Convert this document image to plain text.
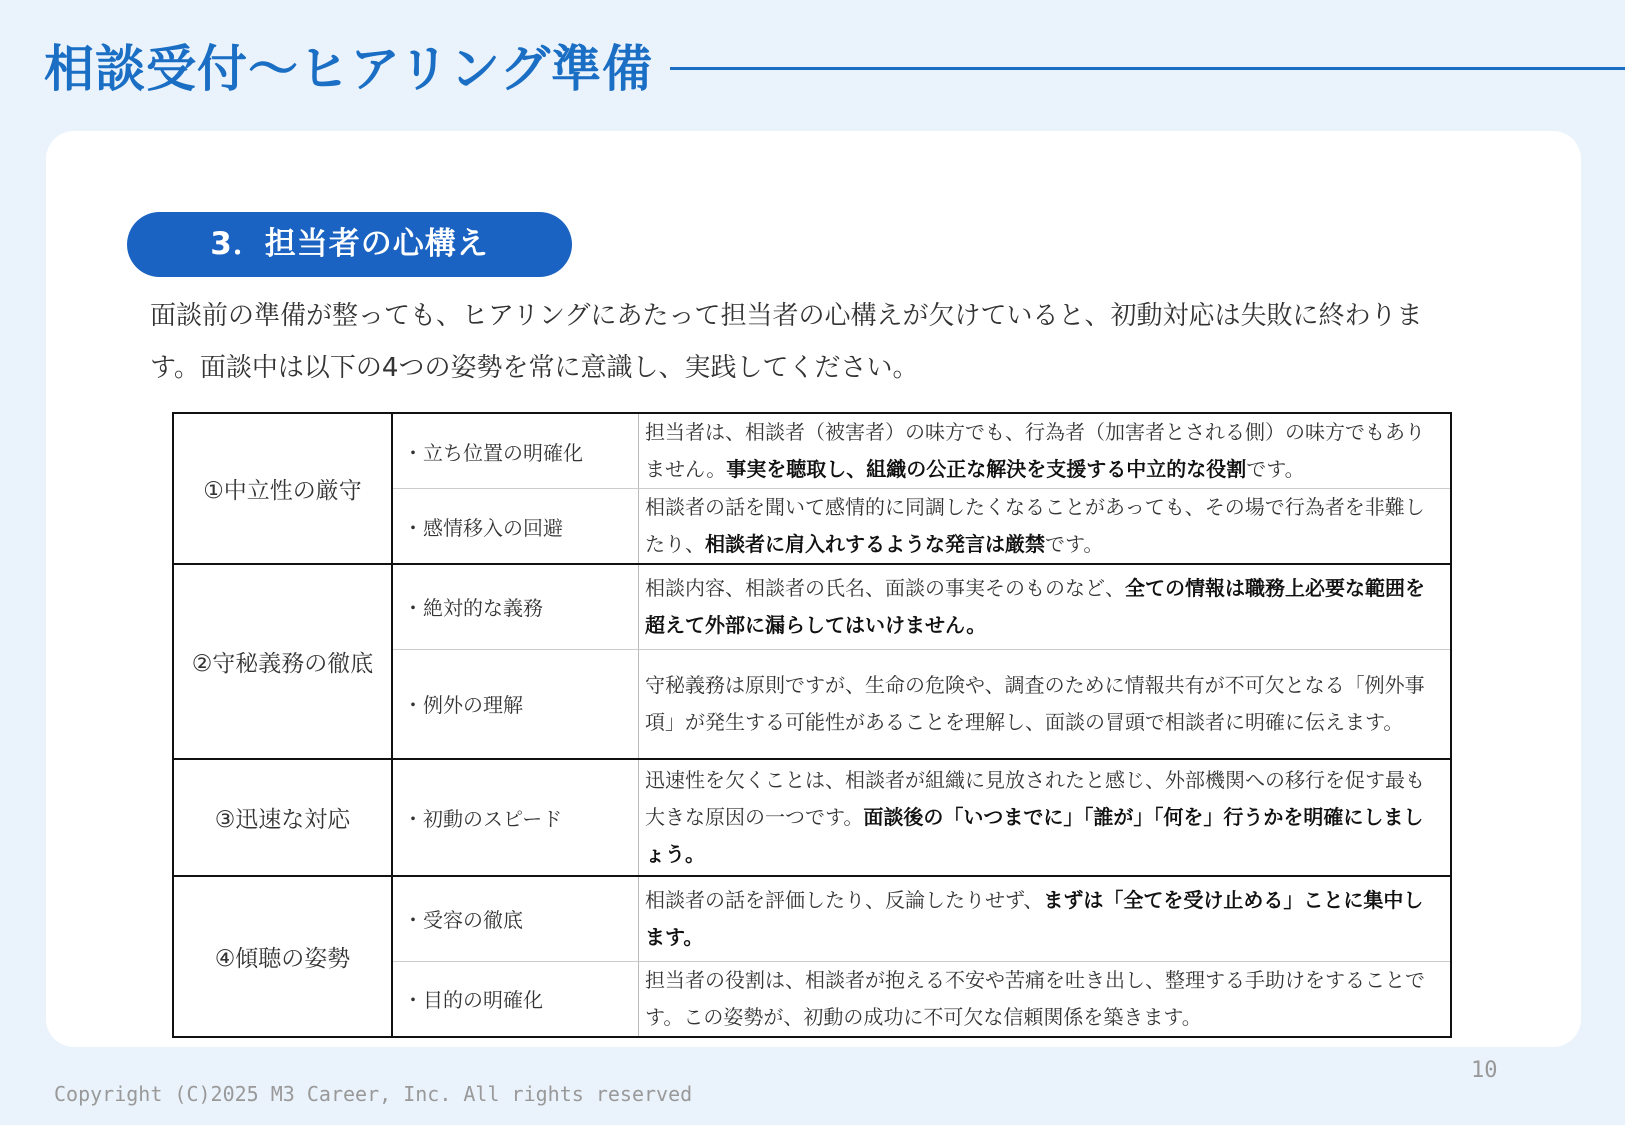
相談受付〜ヒアリング準備
3．担当者の心構え
面談前の準備が整っても、ヒアリングにあたって担当者の心構えが欠けていると、初動対応は失敗に終わります。面談中は以下の4つの姿勢を常に意識し、実践してください。
①中立性の厳守	・立ち位置の明確化	担当者は、相談者（被害者）の味方でも、行為者（加害者とされる側）の味方でもありません。事実を聴取し、組織の公正な解決を支援する中立的な役割です。
	・感情移入の回避	相談者の話を聞いて感情的に同調したくなることがあっても、その場で行為者を非難したり、相談者に肩入れするような発言は厳禁です。
②守秘義務の徹底	・絶対的な義務	相談内容、相談者の氏名、面談の事実そのものなど、全ての情報は職務上必要な範囲を超えて外部に漏らしてはいけません。
	・例外の理解	守秘義務は原則ですが、生命の危険や、調査のために情報共有が不可欠となる「例外事項」が発生する可能性があることを理解し、面談の冒頭で相談者に明確に伝えます。
③迅速な対応	・初動のスピード	迅速性を欠くことは、相談者が組織に見放されたと感じ、外部機関への移行を促す最も大きな原因の一つです。面談後の「いつまでに」「誰が」「何を」行うかを明確にしましょう。
④傾聴の姿勢	・受容の徹底	相談者の話を評価したり、反論したりせず、まずは「全てを受け止める」ことに集中します。
	・目的の明確化	担当者の役割は、相談者が抱える不安や苦痛を吐き出し、整理する手助けをすることです。この姿勢が、初動の成功に不可欠な信頼関係を築きます。
10
Copyright (C)2025 M3 Career, Inc. All rights reserved
